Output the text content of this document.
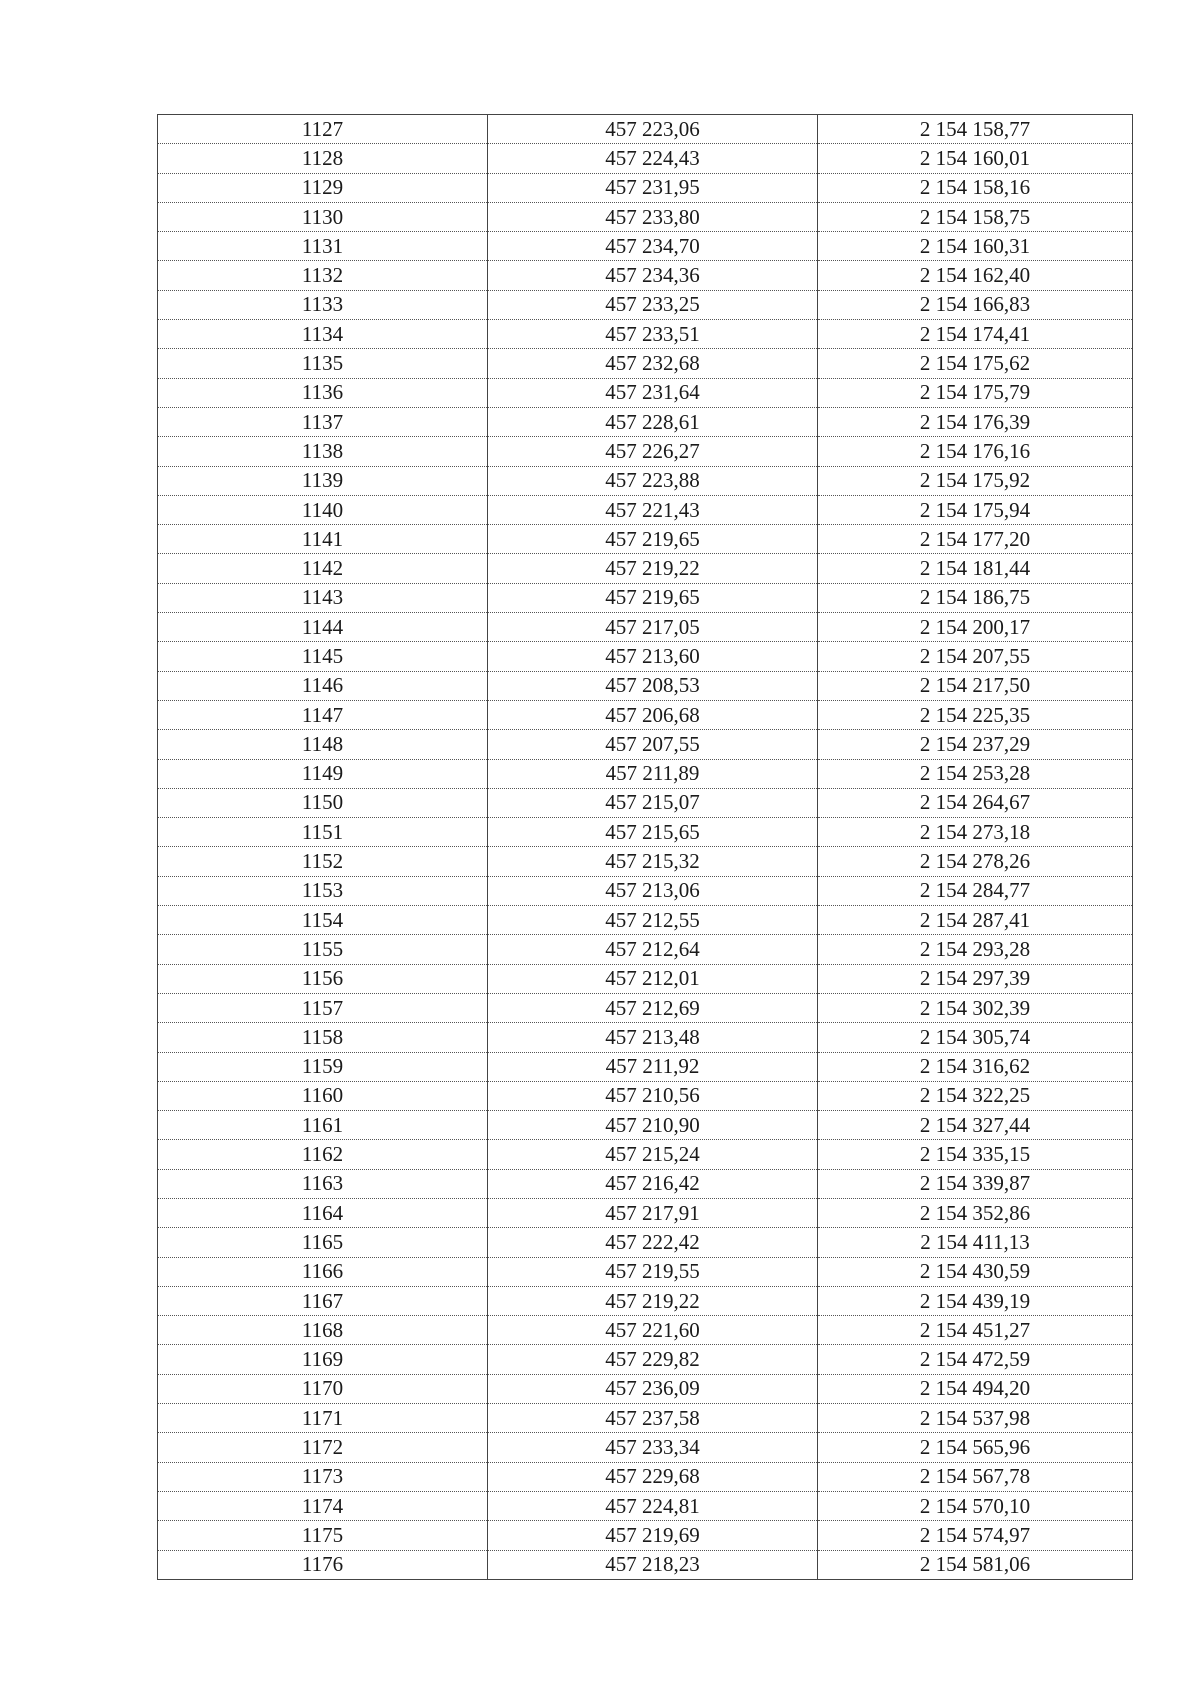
1127	457 223,06	2 154 158,77
1128	457 224,43	2 154 160,01
1129	457 231,95	2 154 158,16
1130	457 233,80	2 154 158,75
1131	457 234,70	2 154 160,31
1132	457 234,36	2 154 162,40
1133	457 233,25	2 154 166,83
1134	457 233,51	2 154 174,41
1135	457 232,68	2 154 175,62
1136	457 231,64	2 154 175,79
1137	457 228,61	2 154 176,39
1138	457 226,27	2 154 176,16
1139	457 223,88	2 154 175,92
1140	457 221,43	2 154 175,94
1141	457 219,65	2 154 177,20
1142	457 219,22	2 154 181,44
1143	457 219,65	2 154 186,75
1144	457 217,05	2 154 200,17
1145	457 213,60	2 154 207,55
1146	457 208,53	2 154 217,50
1147	457 206,68	2 154 225,35
1148	457 207,55	2 154 237,29
1149	457 211,89	2 154 253,28
1150	457 215,07	2 154 264,67
1151	457 215,65	2 154 273,18
1152	457 215,32	2 154 278,26
1153	457 213,06	2 154 284,77
1154	457 212,55	2 154 287,41
1155	457 212,64	2 154 293,28
1156	457 212,01	2 154 297,39
1157	457 212,69	2 154 302,39
1158	457 213,48	2 154 305,74
1159	457 211,92	2 154 316,62
1160	457 210,56	2 154 322,25
1161	457 210,90	2 154 327,44
1162	457 215,24	2 154 335,15
1163	457 216,42	2 154 339,87
1164	457 217,91	2 154 352,86
1165	457 222,42	2 154 411,13
1166	457 219,55	2 154 430,59
1167	457 219,22	2 154 439,19
1168	457 221,60	2 154 451,27
1169	457 229,82	2 154 472,59
1170	457 236,09	2 154 494,20
1171	457 237,58	2 154 537,98
1172	457 233,34	2 154 565,96
1173	457 229,68	2 154 567,78
1174	457 224,81	2 154 570,10
1175	457 219,69	2 154 574,97
1176	457 218,23	2 154 581,06
